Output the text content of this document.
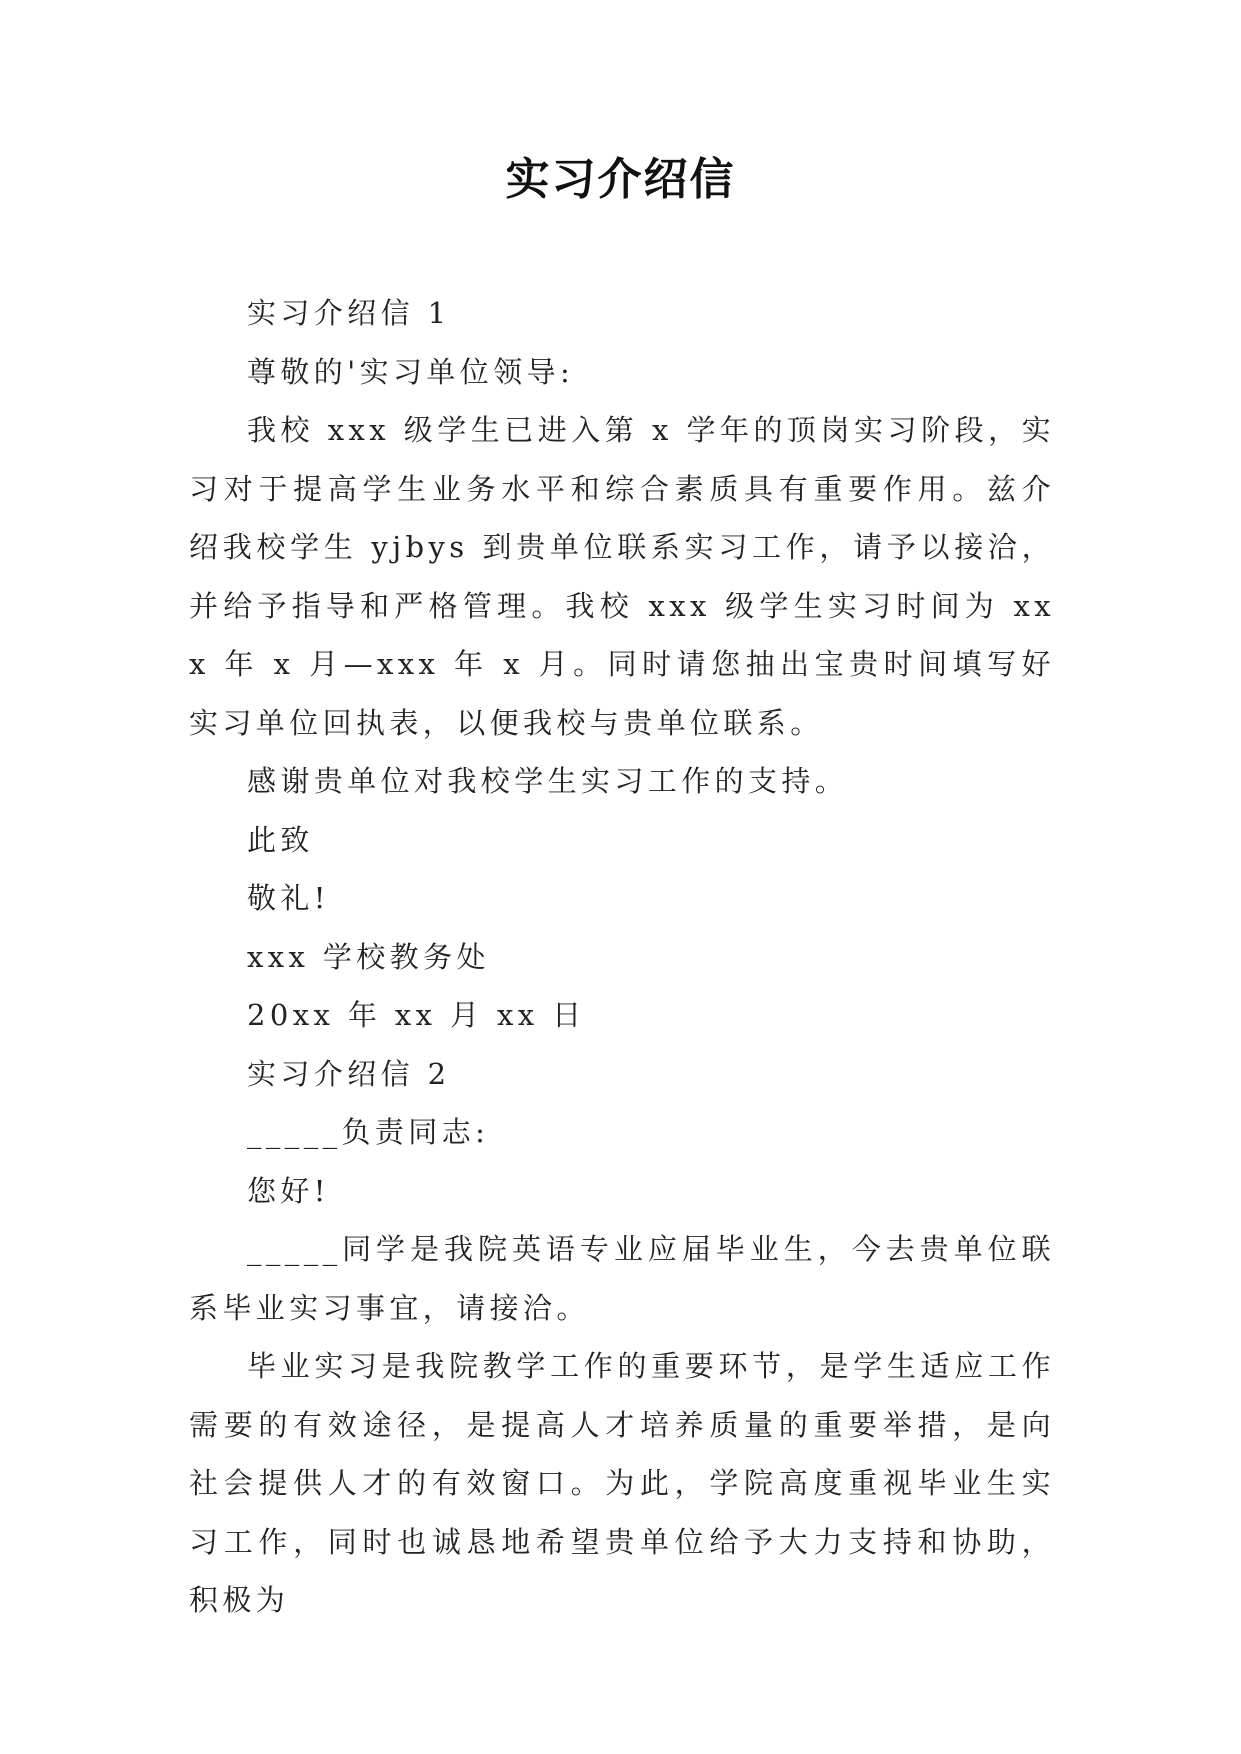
实习介绍信

实习介绍信 1

尊敬的'实习单位领导:

我校 xxx 级学生已进入第 x 学年的顶岗实习阶段，实习对于提高学生业务水平和综合素质具有重要作用。兹介绍我校学生 yjbys 到贵单位联系实习工作，请予以接洽，并给予指导和严格管理。我校 xxx 级学生实习时间为 xxx 年 x 月—xxx 年 x 月。同时请您抽出宝贵时间填写好实习单位回执表，以便我校与贵单位联系。

感谢贵单位对我校学生实习工作的支持。

此致

敬礼!

xxx 学校教务处

20xx 年 xx 月 xx 日

实习介绍信 2

_____负责同志:

您好!

_____同学是我院英语专业应届毕业生，今去贵单位联系毕业实习事宜，请接洽。

毕业实习是我院教学工作的重要环节，是学生适应工作需要的有效途径，是提高人才培养质量的重要举措，是向社会提供人才的有效窗口。为此，学院高度重视毕业生实习工作，同时也诚恳地希望贵单位给予大力支持和协助，积极为
